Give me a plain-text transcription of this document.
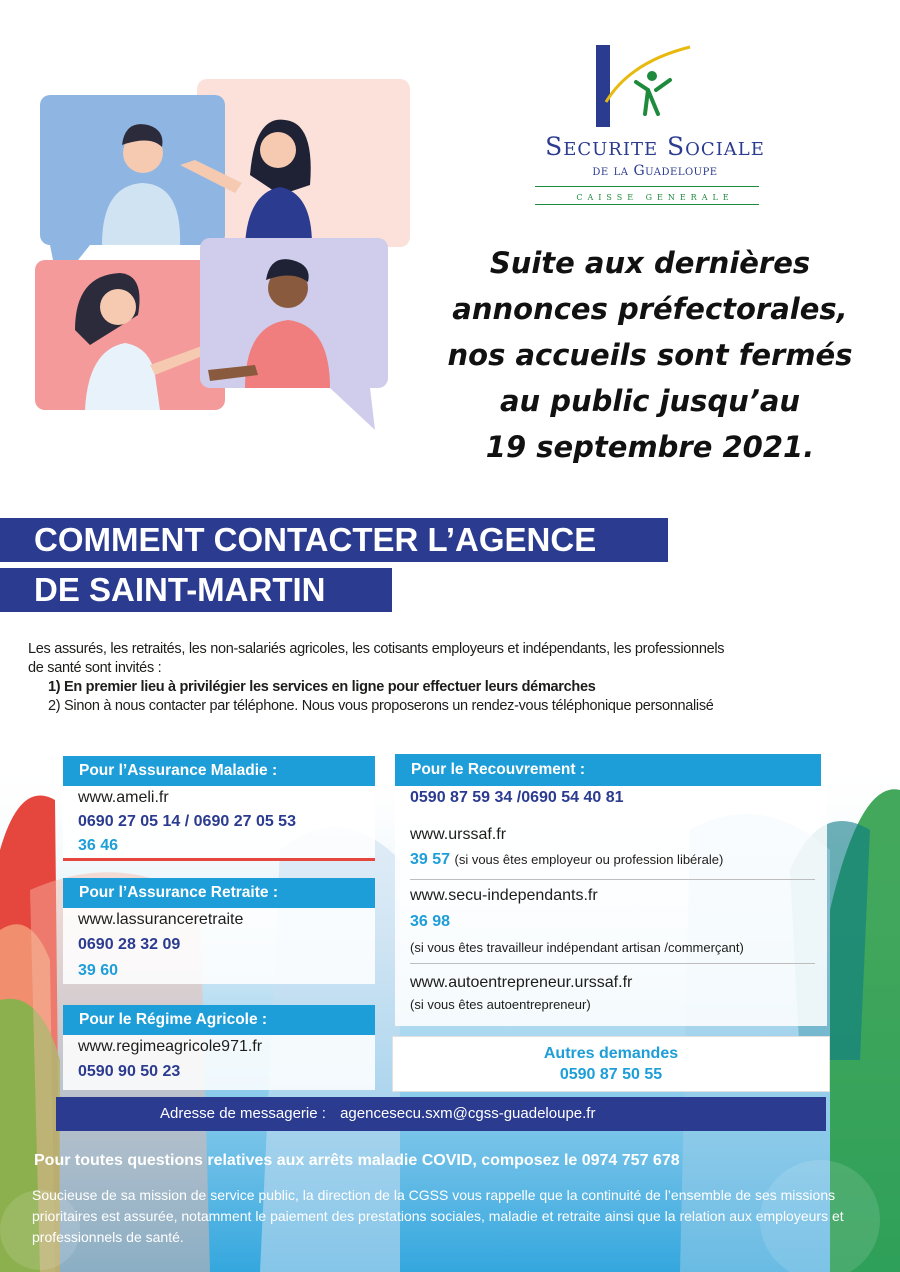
Securite Sociale
de la Guadeloupe
CAISSE GENERALE
Suite aux dernières
annonces préfectorales,
nos accueils sont fermés
au public jusqu’au
19 septembre 2021.
COMMENT CONTACTER L’AGENCE
DE SAINT-MARTIN
Les assurés, les retraités, les non-salariés agricoles, les cotisants employeurs et indépendants, les professionnels
de santé sont invités :
1) En premier lieu à privilégier les services en ligne pour effectuer leurs démarches
2) Sinon à nous contacter par téléphone. Nous vous proposerons un rendez-vous téléphonique personnalisé
Pour l’Assurance Maladie :
www.ameli.fr
0690 27 05 14 / 0690 27 05 53
36 46
Pour l’Assurance Retraite :
www.lassuranceretraite
0690 28 32 09
39 60
Pour le Régime Agricole :
www.regimeagricole971.fr
0590 90 50 23
Pour le Recouvrement :
0590 87 59 34 /0690 54 40 81
www.urssaf.fr
39 57 (si vous êtes employeur ou profession libérale)
www.secu-independants.fr
36 98
(si vous êtes travailleur indépendant artisan /commerçant)
www.autoentrepreneur.urssaf.fr
(si vous êtes autoentrepreneur)
Autres demandes
0590 87 50 55
Adresse de messagerie : agencesecu.sxm@cgss-guadeloupe.fr
Pour toutes questions relatives aux arrêts maladie COVID, composez le 0974 757 678
Soucieuse de sa mission de service public, la direction de la CGSS vous rappelle que la continuité de l’ensemble de ses missions prioritaires est assurée, notamment le paiement des prestations sociales, maladie et retraite ainsi que la relation aux employeurs et professionnels de santé.
